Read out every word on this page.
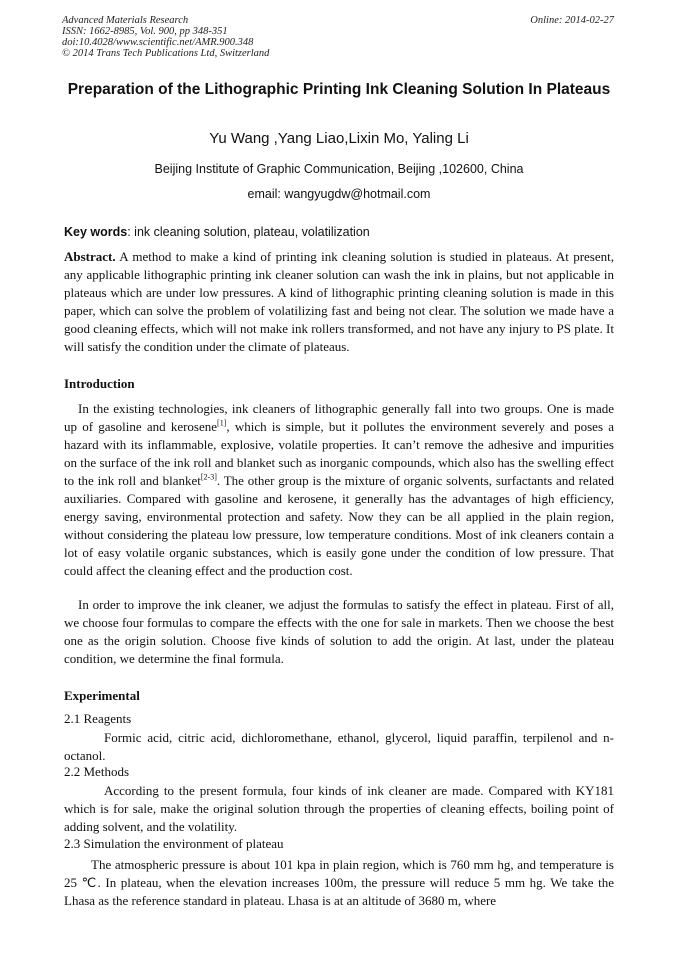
Advanced Materials Research
ISSN: 1662-8985, Vol. 900, pp 348-351
doi:10.4028/www.scientific.net/AMR.900.348
© 2014 Trans Tech Publications Ltd, Switzerland
Online: 2014-02-27
Preparation of the Lithographic Printing Ink Cleaning Solution In Plateaus
Yu Wang ,Yang Liao,Lixin Mo, Yaling Li
Beijing Institute of Graphic Communication, Beijing ,102600, China
email: wangyugdw@hotmail.com
Key words: ink cleaning solution, plateau, volatilization
Abstract. A method to make a kind of printing ink cleaning solution is studied in plateaus. At present, any applicable lithographic printing ink cleaner solution can wash the ink in plains, but not applicable in plateaus which are under low pressures. A kind of lithographic printing cleaning solution is made in this paper, which can solve the problem of volatilizing fast and being not clear. The solution we made have a good cleaning effects, which will not make ink rollers transformed, and not have any injury to PS plate. It will satisfy the condition under the climate of plateaus.
Introduction
In the existing technologies, ink cleaners of lithographic generally fall into two groups. One is made up of gasoline and kerosene[1], which is simple, but it pollutes the environment severely and poses a hazard with its inflammable, explosive, volatile properties. It can’t remove the adhesive and impurities on the surface of the ink roll and blanket such as inorganic compounds, which also has the swelling effect to the ink roll and blanket[2-3]. The other group is the mixture of organic solvents, surfactants and related auxiliaries. Compared with gasoline and kerosene, it generally has the advantages of high efficiency, energy saving, environmental protection and safety. Now they can be all applied in the plain region, without considering the plateau low pressure, low temperature conditions. Most of ink cleaners contain a lot of easy volatile organic substances, which is easily gone under the condition of low pressure. That could affect the cleaning effect and the production cost.
In order to improve the ink cleaner, we adjust the formulas to satisfy the effect in plateau. First of all, we choose four formulas to compare the effects with the one for sale in markets. Then we choose the best one as the origin solution. Choose five kinds of solution to add the origin. At last, under the plateau condition, we determine the final formula.
Experimental
2.1 Reagents
Formic acid, citric acid, dichloromethane, ethanol, glycerol, liquid paraffin, terpilenol and n-octanol.
2.2 Methods
According to the present formula, four kinds of ink cleaner are made. Compared with KY181 which is for sale, make the original solution through the properties of cleaning effects, boiling point of adding solvent, and the volatility.
2.3 Simulation the environment of plateau
The atmospheric pressure is about 101 kpa in plain region, which is 760 mm hg, and temperature is 25 ℃. In plateau, when the elevation increases 100m, the pressure will reduce 5 mm hg. We take the Lhasa as the reference standard in plateau. Lhasa is at an altitude of 3680 m, where
